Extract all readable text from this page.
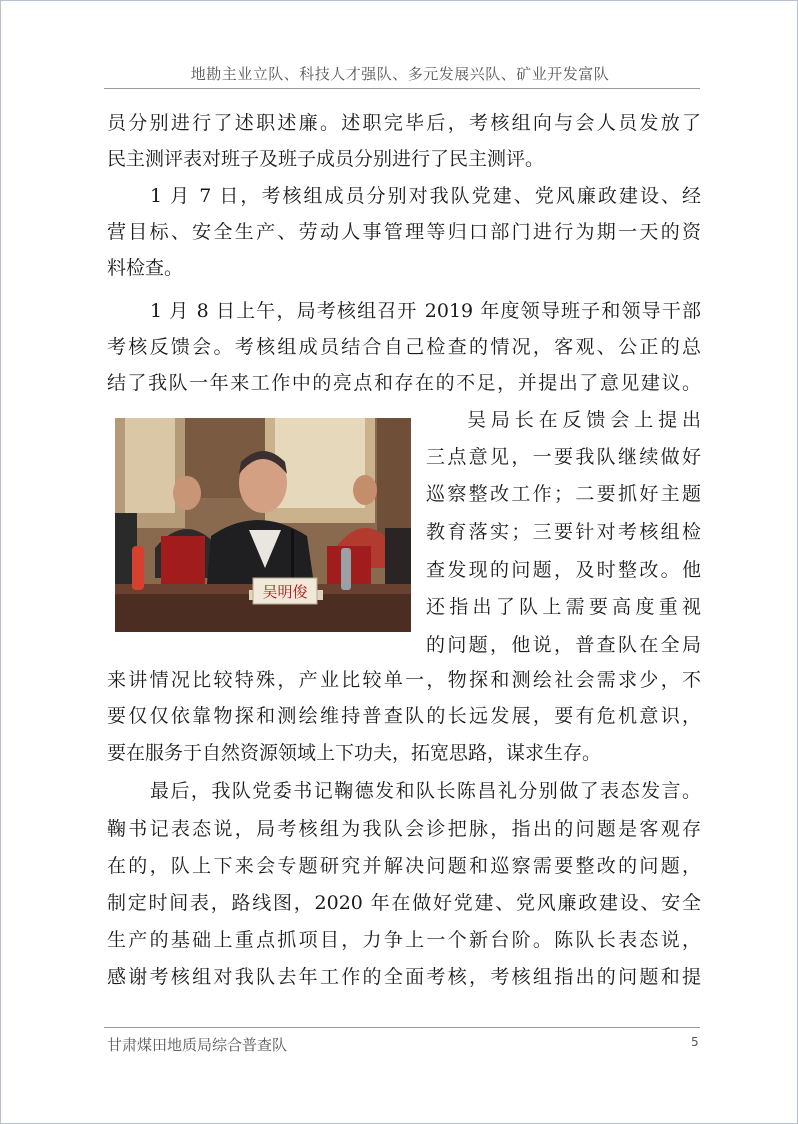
地勘主业立队、科技人才强队、多元发展兴队、矿业开发富队
员分别进行了述职述廉。述职完毕后，考核组向与会人员发放了
民主测评表对班子及班子成员分别进行了民主测评。
1 月 7 日，考核组成员分别对我队党建、党风廉政建设、经
营目标、安全生产、劳动人事管理等归口部门进行为期一天的资
料检查。
1 月 8 日上午，局考核组召开 2019 年度领导班子和领导干部
考核反馈会。考核组成员结合自己检查的情况，客观、公正的总
结了我队一年来工作中的亮点和存在的不足，并提出了意见建议。
吴明俊
吴局长在反馈会上提出
三点意见，一要我队继续做好
巡察整改工作；二要抓好主题
教育落实；三要针对考核组检
查发现的问题，及时整改。他
还指出了队上需要高度重视
的问题，他说，普查队在全局
来讲情况比较特殊，产业比较单一，物探和测绘社会需求少，不
要仅仅依靠物探和测绘维持普查队的长远发展，要有危机意识，
要在服务于自然资源领域上下功夫，拓宽思路，谋求生存。
最后，我队党委书记鞠德发和队长陈昌礼分别做了表态发言。
鞠书记表态说，局考核组为我队会诊把脉，指出的问题是客观存
在的，队上下来会专题研究并解决问题和巡察需要整改的问题，
制定时间表，路线图，2020 年在做好党建、党风廉政建设、安全
生产的基础上重点抓项目，力争上一个新台阶。陈队长表态说，
感谢考核组对我队去年工作的全面考核，考核组指出的问题和提
甘肃煤田地质局综合普查队	5
